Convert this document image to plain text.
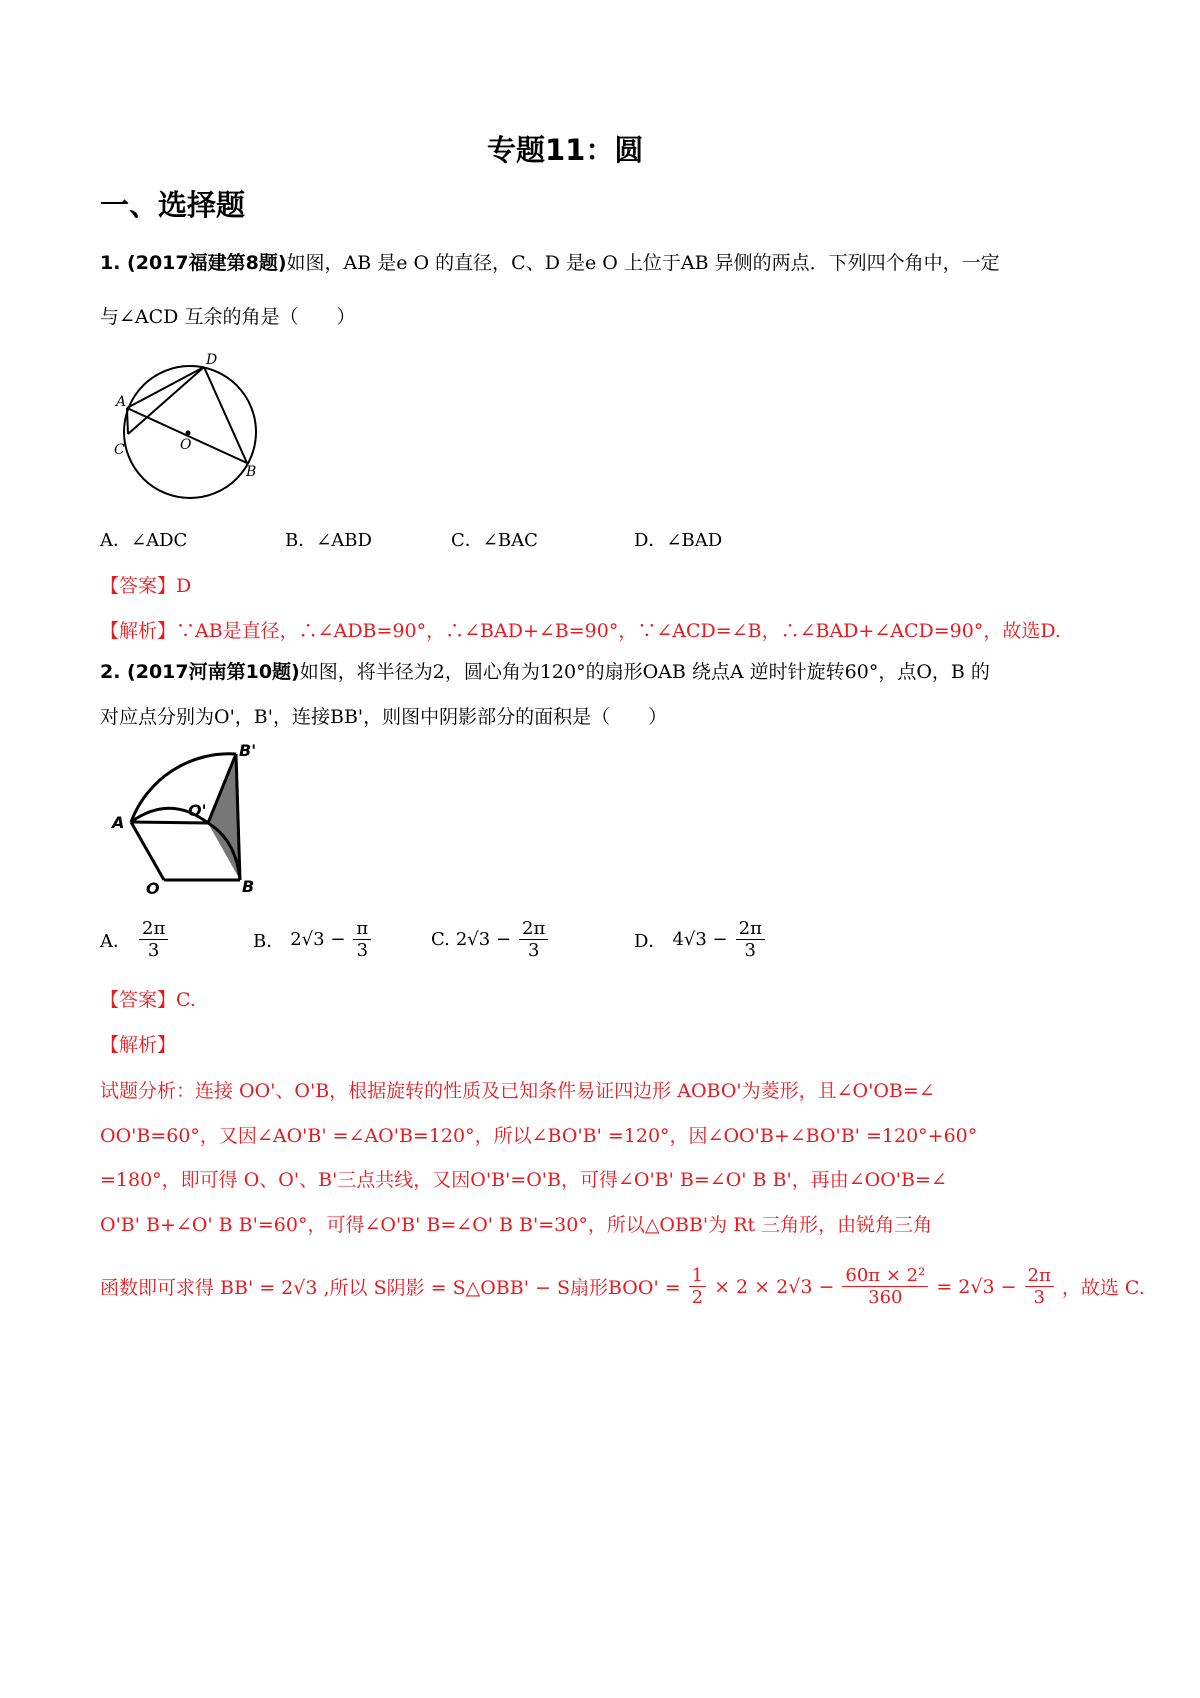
专题11：圆
一、选择题
1. (2017福建第8题)如图，AB 是e O 的直径，C、D 是e O 上位于AB 异侧的两点．下列四个角中，一定
与∠ACD 互余的角是（　　）
D
A
C	O
B
A．∠ADC	B．∠ABD	C．∠BAC	D．∠BAD
【答案】D
【解析】∵AB是直径，∴∠ADB=90°，∴∠BAD+∠B=90°，∵∠ACD=∠B，∴∠BAD+∠ACD=90°，故选D.
2. (2017河南第10题)如图，将半径为2，圆心角为120°的扇形OAB 绕点A 逆时针旋转60°，点O，B 的
对应点分别为O'，B'，连接BB'，则图中阴影部分的面积是（　　）
B'
O'
A
O	B
A． $\frac{2\pi}{3}$	B． $2√3 - \frac{\pi}{3}$	C. $2√3 - \frac{2\pi}{3}$	D． $4√3 - \frac{2\pi}{3}$
【答案】C.
【解析】
试题分析：连接 OO'、O'B，根据旋转的性质及已知条件易证四边形 AOBO'为菱形，且∠O'OB=∠
OO'B=60°，又因∠AO'B' =∠AO'B=120°，所以∠BO'B' =120°，因∠OO'B+∠BO'B' =120°+60°
=180°，即可得 O、O'、B'三点共线，又因O'B'=O'B，可得∠O'B' B=∠O' B B'，再由∠OO'B=∠
O'B' B+∠O' B B'=60°，可得∠O'B' B=∠O' B B'=30°，所以△OBB'为 Rt 三角形，由锐角三角
函数即可求得 BB' = 2√3 ,所以 S阴影 = S△OBB' − S扇形$BOO' = \frac{1}{2} \times 2 \times 2√3 - \frac{\text{60π × 2²}}{360} = 2√3 - \frac{2\pi}{3}$ ，故选 C.
